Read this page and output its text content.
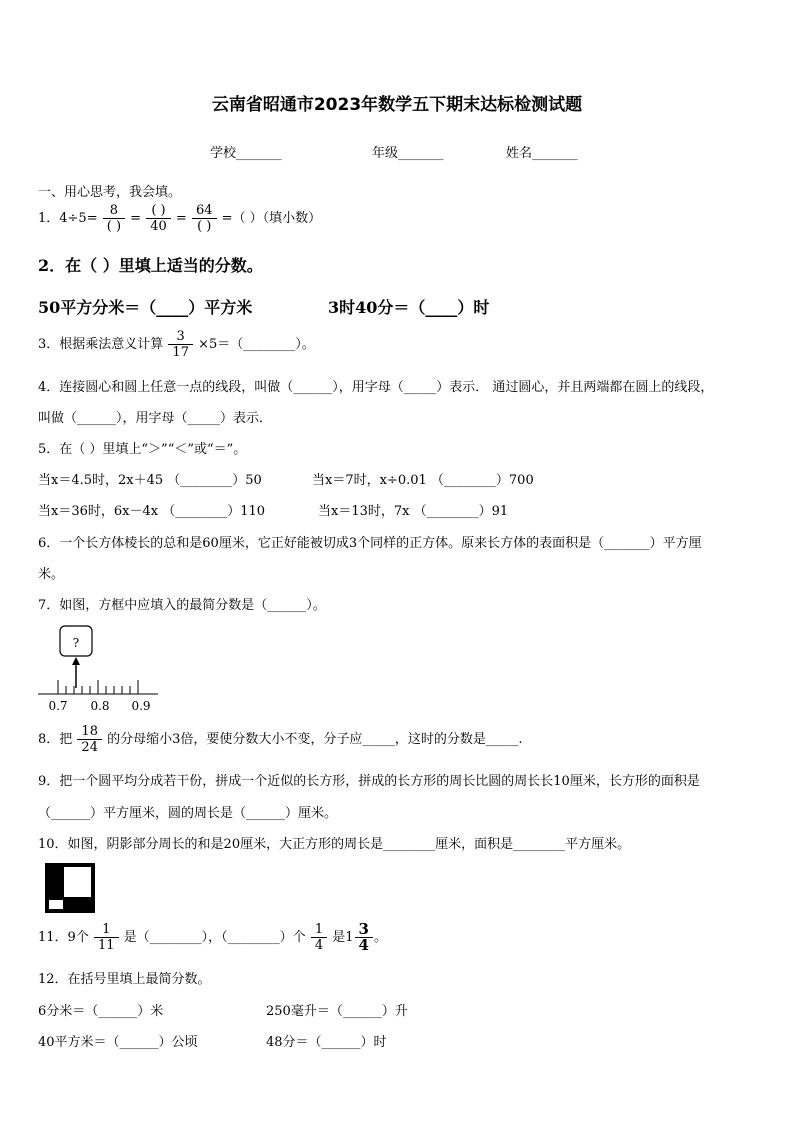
云南省昭通市2023年数学五下期末达标检测试题
学校_______	年级_______	姓名_______
一、用心思考，我会填。
1．$4\div 5= \frac{8}{( )} = \frac{( )}{40} = \frac{64}{( )}$ =（ ）（填小数）
2．在（ ）里填上适当的分数。
50平方分米＝（____）平方米	3时40分＝（____）时
3．根据乘法意义计算 $\frac{3}{17}$ ×5＝（________）。
4．连接圆心和圆上任意一点的线段，叫做（______），用字母（_____）表示． 通过圆心，并且两端都在圆上的线段，
叫做（______），用字母（_____）表示．
5．在（ ）里填上“＞”“＜”或“＝”。
当x＝4.5时，2x＋45 （________）50	当x＝7时，x÷0.01 （________）700
当x＝36时，6x－4x （________）110	当x＝13时，7x （________）91
6．一个长方体棱长的总和是60厘米，它正好能被切成3个同样的正方体。原来长方体的表面积是（_______）平方厘
米。
7．如图，方框中应填入的最简分数是（______）。
?
0.7 0.8 0.9
8．把 $\frac{18}{24}$ 的分母缩小3倍，要使分数大小不变，分子应_____，这时的分数是_____.
9．把一个圆平均分成若干份，拼成一个近似的长方形，拼成的长方形的周长比圆的周长长10厘米，长方形的面积是
（______）平方厘米，圆的周长是（______）厘米。
10．如图，阴影部分周长的和是20厘米，大正方形的周长是________厘米，面积是________平方厘米。
11．9个 $\frac{1}{11}$ 是（________），（________）个 $\frac{1}{4}$ 是$1 \frac{3}{4}$ 。
12．在括号里填上最简分数。
6分米＝（______）米	250毫升＝（______）升
40平方米＝（______）公顷	48分＝（______）时
